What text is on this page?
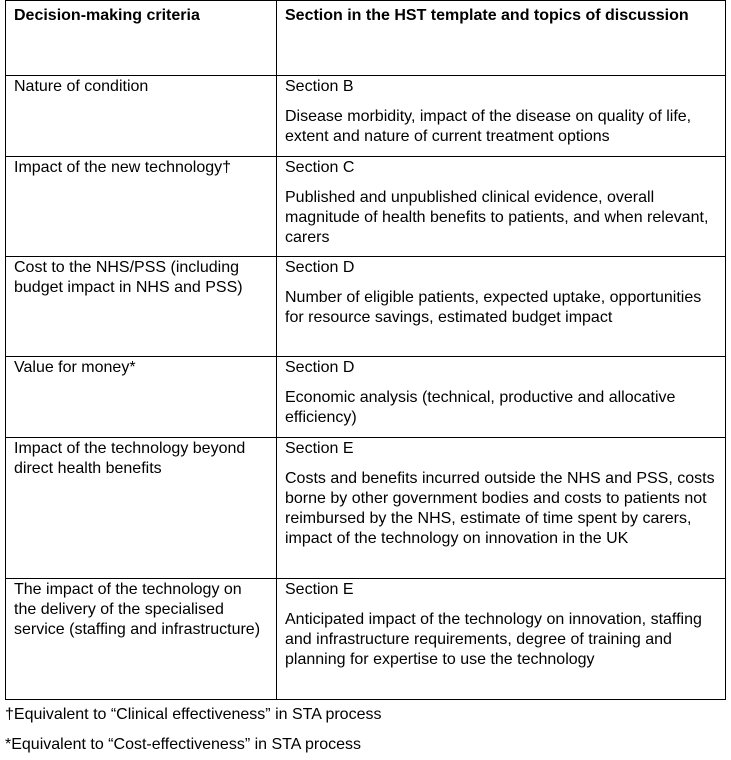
Decision-making criteria	Section in the HST template and topics of discussion

Nature of condition	Section B
Disease morbidity, impact of the disease on quality of life, extent and nature of current treatment options

Impact of the new technology†	Section C
Published and unpublished clinical evidence, overall magnitude of health benefits to patients, and when relevant, carers

Cost to the NHS/PSS (including budget impact in NHS and PSS)	Section D
Number of eligible patients, expected uptake, opportunities for resource savings, estimated budget impact

Value for money*	Section D
Economic analysis (technical, productive and allocative efficiency)

Impact of the technology beyond direct health benefits	Section E
Costs and benefits incurred outside the NHS and PSS, costs borne by other government bodies and costs to patients not reimbursed by the NHS, estimate of time spent by carers, impact of the technology on innovation in the UK

The impact of the technology on the delivery of the specialised service (staffing and infrastructure)	Section E
Anticipated impact of the technology on innovation, staffing and infrastructure requirements, degree of training and planning for expertise to use the technology
†Equivalent to “Clinical effectiveness” in STA process
*Equivalent to “Cost-effectiveness” in STA process
